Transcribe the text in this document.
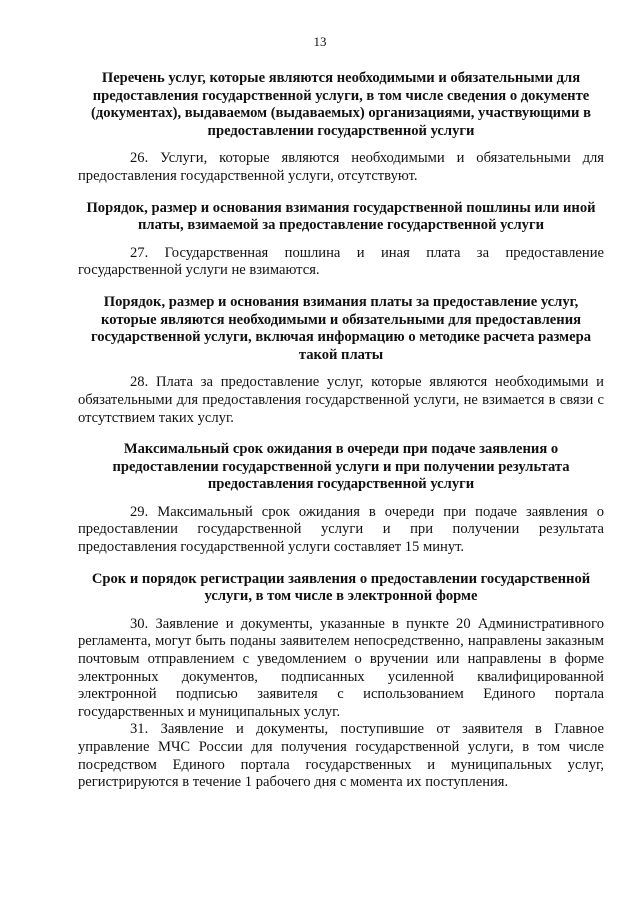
13

Перечень услуг, которые являются необходимыми и обязательными для предоставления государственной услуги, в том числе сведения о документе (документах), выдаваемом (выдаваемых) организациями, участвующими в предоставлении государственной услуги

26. Услуги, которые являются необходимыми и обязательными для предоставления государственной услуги, отсутствуют.

Порядок, размер и основания взимания государственной пошлины или иной платы, взимаемой за предоставление государственной услуги

27. Государственная пошлина и иная плата за предоставление государственной услуги не взимаются.

Порядок, размер и основания взимания платы за предоставление услуг, которые являются необходимыми и обязательными для предоставления государственной услуги, включая информацию о методике расчета размера такой платы

28. Плата за предоставление услуг, которые являются необходимыми и обязательными для предоставления государственной услуги, не взимается в связи с отсутствием таких услуг.

Максимальный срок ожидания в очереди при подаче заявления о предоставлении государственной услуги и при получении результата предоставления государственной услуги

29. Максимальный срок ожидания в очереди при подаче заявления о предоставлении государственной услуги и при получении результата предоставления государственной услуги составляет 15 минут.

Срок и порядок регистрации заявления о предоставлении государственной услуги, в том числе в электронной форме

30. Заявление и документы, указанные в пункте 20 Административного регламента, могут быть поданы заявителем непосредственно, направлены заказным почтовым отправлением с уведомлением о вручении или направлены в форме электронных документов, подписанных усиленной квалифицированной электронной подписью заявителя с использованием Единого портала государственных и муниципальных услуг.

31. Заявление и документы, поступившие от заявителя в Главное управление МЧС России для получения государственной услуги, в том числе посредством Единого портала государственных и муниципальных услуг, регистрируются в течение 1 рабочего дня с момента их поступления.
